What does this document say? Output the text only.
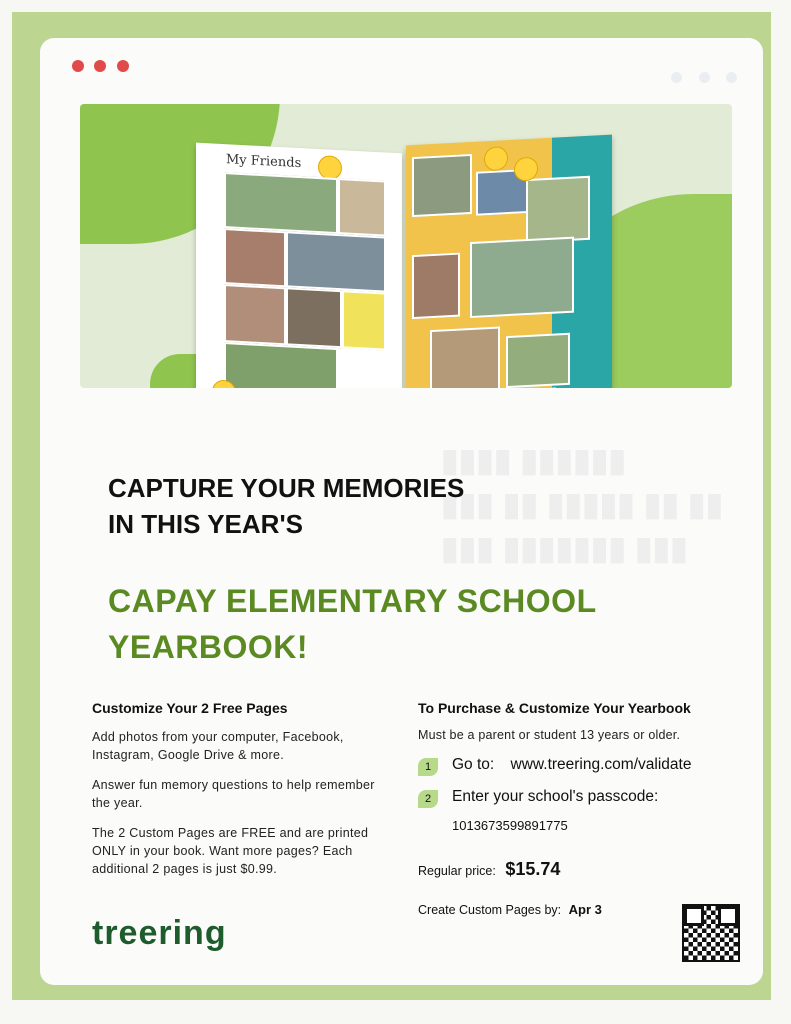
My Friends
▮▮▮▮▮▮ ▮▮▮▮
▮▮ ▮▮ ▮▮▮▮▮ ▮▮ ▮▮▮
▮▮▮ ▮▮▮▮▮▮▮ ▮▮▮
CAPTURE YOUR MEMORIES
IN THIS YEAR'S
CAPAY ELEMENTARY SCHOOL
YEARBOOK!
Customize Your 2 Free Pages

Add photos from your computer, Facebook, Instagram, Google Drive & more.

Answer fun memory questions to help remember the year.

The 2 Custom Pages are FREE and are printed ONLY in your book. Want more pages? Each additional 2 pages is just $0.99.

To Purchase & Customize Your Yearbook
Must be a parent or student 13 years or older.
1	Go to: www.treering.com/validate
2	Enter your school's passcode:
1013673599891775
Regular price: $15.74
Create Custom Pages by: Apr 3
treering
